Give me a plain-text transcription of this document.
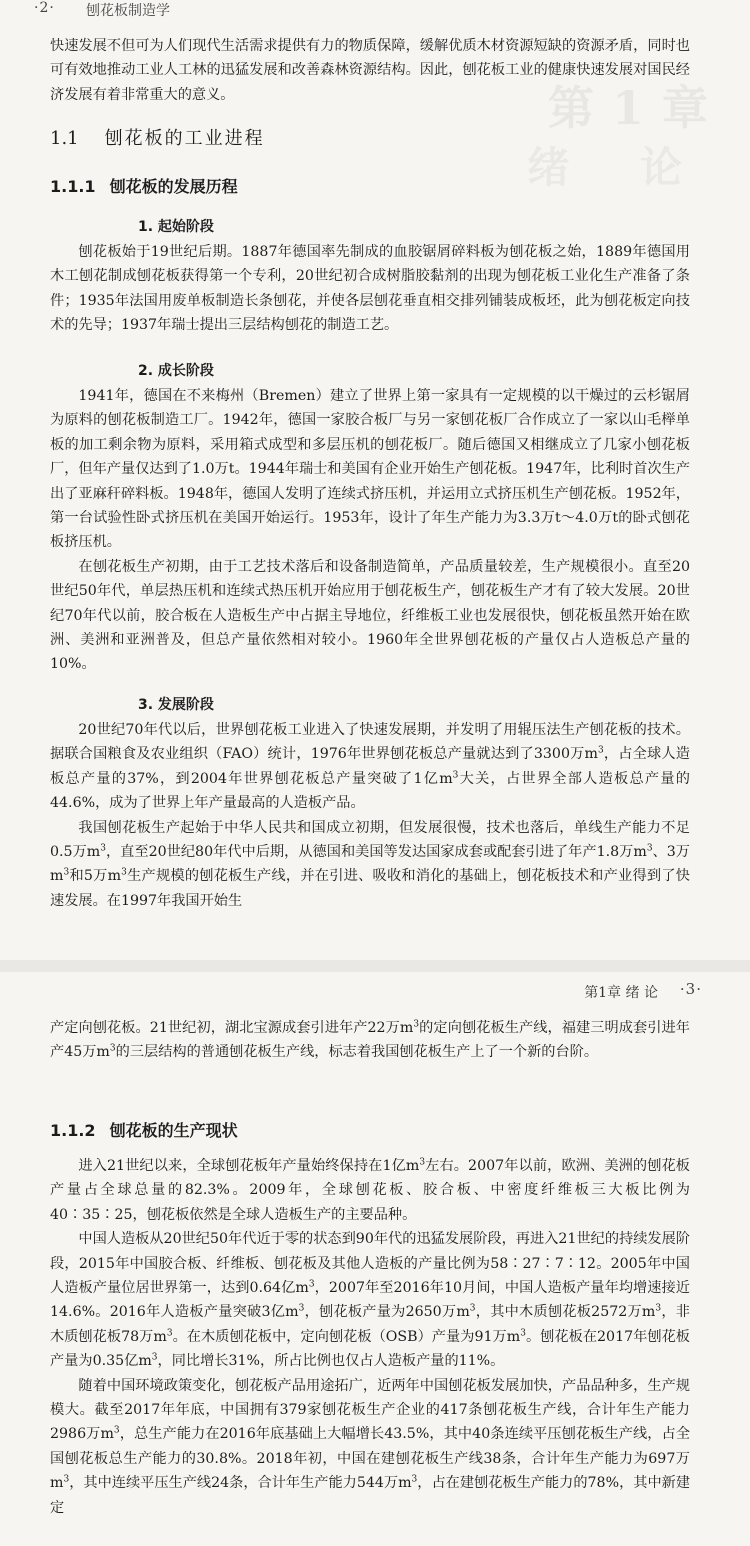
·2· 刨花板制造学
第1章
绪 论

快速发展不但可为人们现代生活需求提供有力的物质保障，缓解优质木材资源短缺的资源矛盾，同时也可有效地推动工业人工林的迅猛发展和改善森林资源结构。因此，刨花板工业的健康快速发展对国民经济发展有着非常重大的意义。

1.1 刨花板的工业进程
1.1.1 刨花板的发展历程
1. 起始阶段

刨花板始于19世纪后期。1887年德国率先制成的血胶锯屑碎料板为刨花板之始，1889年德国用木工刨花制成刨花板获得第一个专利，20世纪初合成树脂胶黏剂的出现为刨花板工业化生产准备了条件；1935年法国用废单板制造长条刨花，并使各层刨花垂直相交排列铺装成板坯，此为刨花板定向技术的先导；1937年瑞士提出三层结构刨花的制造工艺。

2. 成长阶段

1941年，德国在不来梅州（Bremen）建立了世界上第一家具有一定规模的以干燥过的云杉锯屑为原料的刨花板制造工厂。1942年，德国一家胶合板厂与另一家刨花板厂合作成立了一家以山毛榉单板的加工剩余物为原料，采用箱式成型和多层压机的刨花板厂。随后德国又相继成立了几家小刨花板厂，但年产量仅达到了1.0万t。1944年瑞士和美国有企业开始生产刨花板。1947年，比利时首次生产出了亚麻秆碎料板。1948年，德国人发明了连续式挤压机，并运用立式挤压机生产刨花板。1952年，第一台试验性卧式挤压机在美国开始运行。1953年，设计了年生产能力为3.3万t～4.0万t的卧式刨花板挤压机。

在刨花板生产初期，由于工艺技术落后和设备制造简单，产品质量较差，生产规模很小。直至20世纪50年代，单层热压机和连续式热压机开始应用于刨花板生产，刨花板生产才有了较大发展。20世纪70年代以前，胶合板在人造板生产中占据主导地位，纤维板工业也发展很快，刨花板虽然开始在欧洲、美洲和亚洲普及，但总产量依然相对较小。1960年全世界刨花板的产量仅占人造板总产量的10%。

3. 发展阶段

20世纪70年代以后，世界刨花板工业进入了快速发展期，并发明了用辊压法生产刨花板的技术。据联合国粮食及农业组织（FAO）统计，1976年世界刨花板总产量就达到了3300万$m^3$，占全球人造板总产量的37%，到2004年世界刨花板总产量突破了1亿$m^3$大关，占世界全部人造板总产量的44.6%，成为了世界上年产量最高的人造板产品。

我国刨花板生产起始于中华人民共和国成立初期，但发展很慢，技术也落后，单线生产能力不足0.5万$m^3$，直至20世纪80年代中后期，从德国和美国等发达国家成套或配套引进了年产1.8万$m^3$、3万$m^3$和5万$m^3$生产规模的刨花板生产线，并在引进、吸收和消化的基础上，刨花板技术和产业得到了快速发展。在1997年我国开始生

第1章 绪 论 ·3·

产定向刨花板。21世纪初，湖北宝源成套引进年产22万$m^3$的定向刨花板生产线，福建三明成套引进年产45万$m^3$的三层结构的普通刨花板生产线，标志着我国刨花板生产上了一个新的台阶。

1.1.2 刨花板的生产现状

进入21世纪以来，全球刨花板年产量始终保持在1亿$m^3$左右。2007年以前，欧洲、美洲的刨花板产量占全球总量的82.3%。2009年，全球刨花板、胶合板、中密度纤维板三大板比例为40∶35∶25，刨花板依然是全球人造板生产的主要品种。

中国人造板从20世纪50年代近于零的状态到90年代的迅猛发展阶段，再进入21世纪的持续发展阶段，2015年中国胶合板、纤维板、刨花板及其他人造板的产量比例为58∶27∶7∶12。2005年中国人造板产量位居世界第一，达到0.64亿$m^3$，2007年至2016年10月间，中国人造板产量年均增速接近14.6%。2016年人造板产量突破3亿$m^3$，刨花板产量为2650万$m^3$，其中木质刨花板2572万$m^3$，非木质刨花板78万$m^3$。在木质刨花板中，定向刨花板（OSB）产量为91万$m^3$。刨花板在2017年刨花板产量为0.35亿$m^3$，同比增长31%，所占比例也仅占人造板产量的11%。

随着中国环境政策变化，刨花板产品用途拓广，近两年中国刨花板发展加快，产品品种多，生产规模大。截至2017年年底，中国拥有379家刨花板生产企业的417条刨花板生产线，合计年生产能力2986万$m^3$，总生产能力在2016年底基础上大幅增长43.5%，其中40条连续平压刨花板生产线，占全国刨花板总生产能力的30.8%。2018年初，中国在建刨花板生产线38条，合计年生产能力为697万$m^3$，其中连续平压生产线24条，合计年生产能力544万$m^3$，占在建刨花板生产能力的78%，其中新建定
